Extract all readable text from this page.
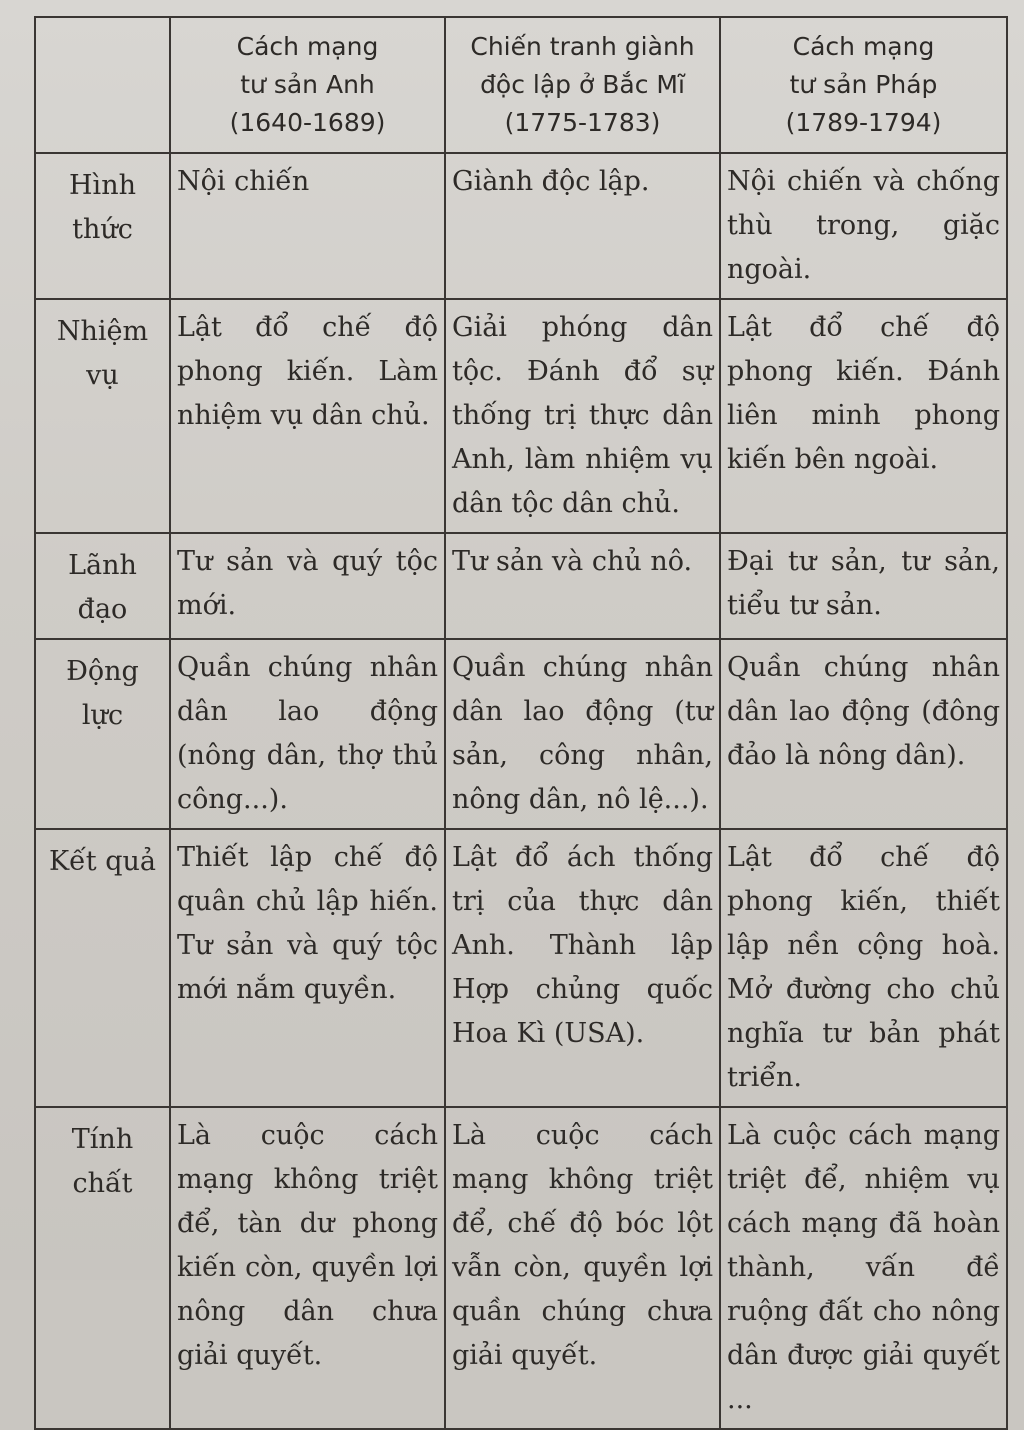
	Cách mạng
tư sản Anh
(1640-1689)	Chiến tranh giành
độc lập ở Bắc Mĩ
(1775-1783)	Cách mạng
tư sản Pháp
(1789-1794)

Hình thức	Nội chiến	Giành độc lập.	Nội chiến và chống thù trong, giặc ngoài.
Nhiệm vụ	Lật đổ chế độ phong kiến. Làm nhiệm vụ dân chủ.	Giải phóng dân tộc. Đánh đổ sự thống trị thực dân Anh, làm nhiệm vụ dân tộc dân chủ.	Lật đổ chế độ phong kiến. Đánh liên minh phong kiến bên ngoài.
Lãnh đạo	Tư sản và quý tộc mới.	Tư sản và chủ nô.	Đại tư sản, tư sản, tiểu tư sản.
Động lực	Quần chúng nhân dân lao động (nông dân, thợ thủ công...).	Quần chúng nhân dân lao động (tư sản, công nhân, nông dân, nô lệ...).	Quần chúng nhân dân lao động (đông đảo là nông dân).
Kết quả	Thiết lập chế độ quân chủ lập hiến. Tư sản và quý tộc mới nắm quyền.	Lật đổ ách thống trị của thực dân Anh. Thành lập Hợp chủng quốc Hoa Kì (USA).	Lật đổ chế độ phong kiến, thiết lập nền cộng hoà. Mở đường cho chủ nghĩa tư bản phát triển.
Tính chất	Là cuộc cách mạng không triệt để, tàn dư phong kiến còn, quyền lợi nông dân chưa giải quyết.	Là cuộc cách mạng không triệt để, chế độ bóc lột vẫn còn, quyền lợi quần chúng chưa giải quyết.	Là cuộc cách mạng triệt để, nhiệm vụ cách mạng đã hoàn thành, vấn đề ruộng đất cho nông dân được giải quyết ...
